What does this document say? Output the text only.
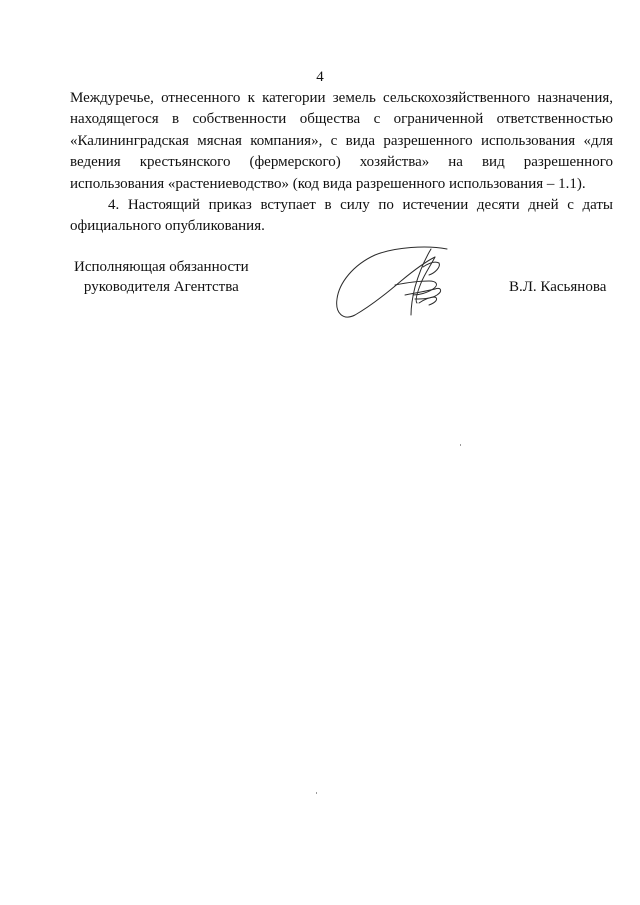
4

Междуречье, отнесенного к категории земель сельскохозяйственного назначения,
находящегося в собственности общества с ограниченной ответственностью
«Калининградская мясная компания», с вида разрешенного использования «для
ведения крестьянского (фермерского) хозяйства» на вид разрешенного
использования «растениеводство» (код вида разрешенного использования – 1.1).

4. Настоящий приказ вступает в силу по истечении десяти дней с даты
официального опубликования.

Исполняющая обязанности
руководителя Агентства	В.Л. Касьянова
